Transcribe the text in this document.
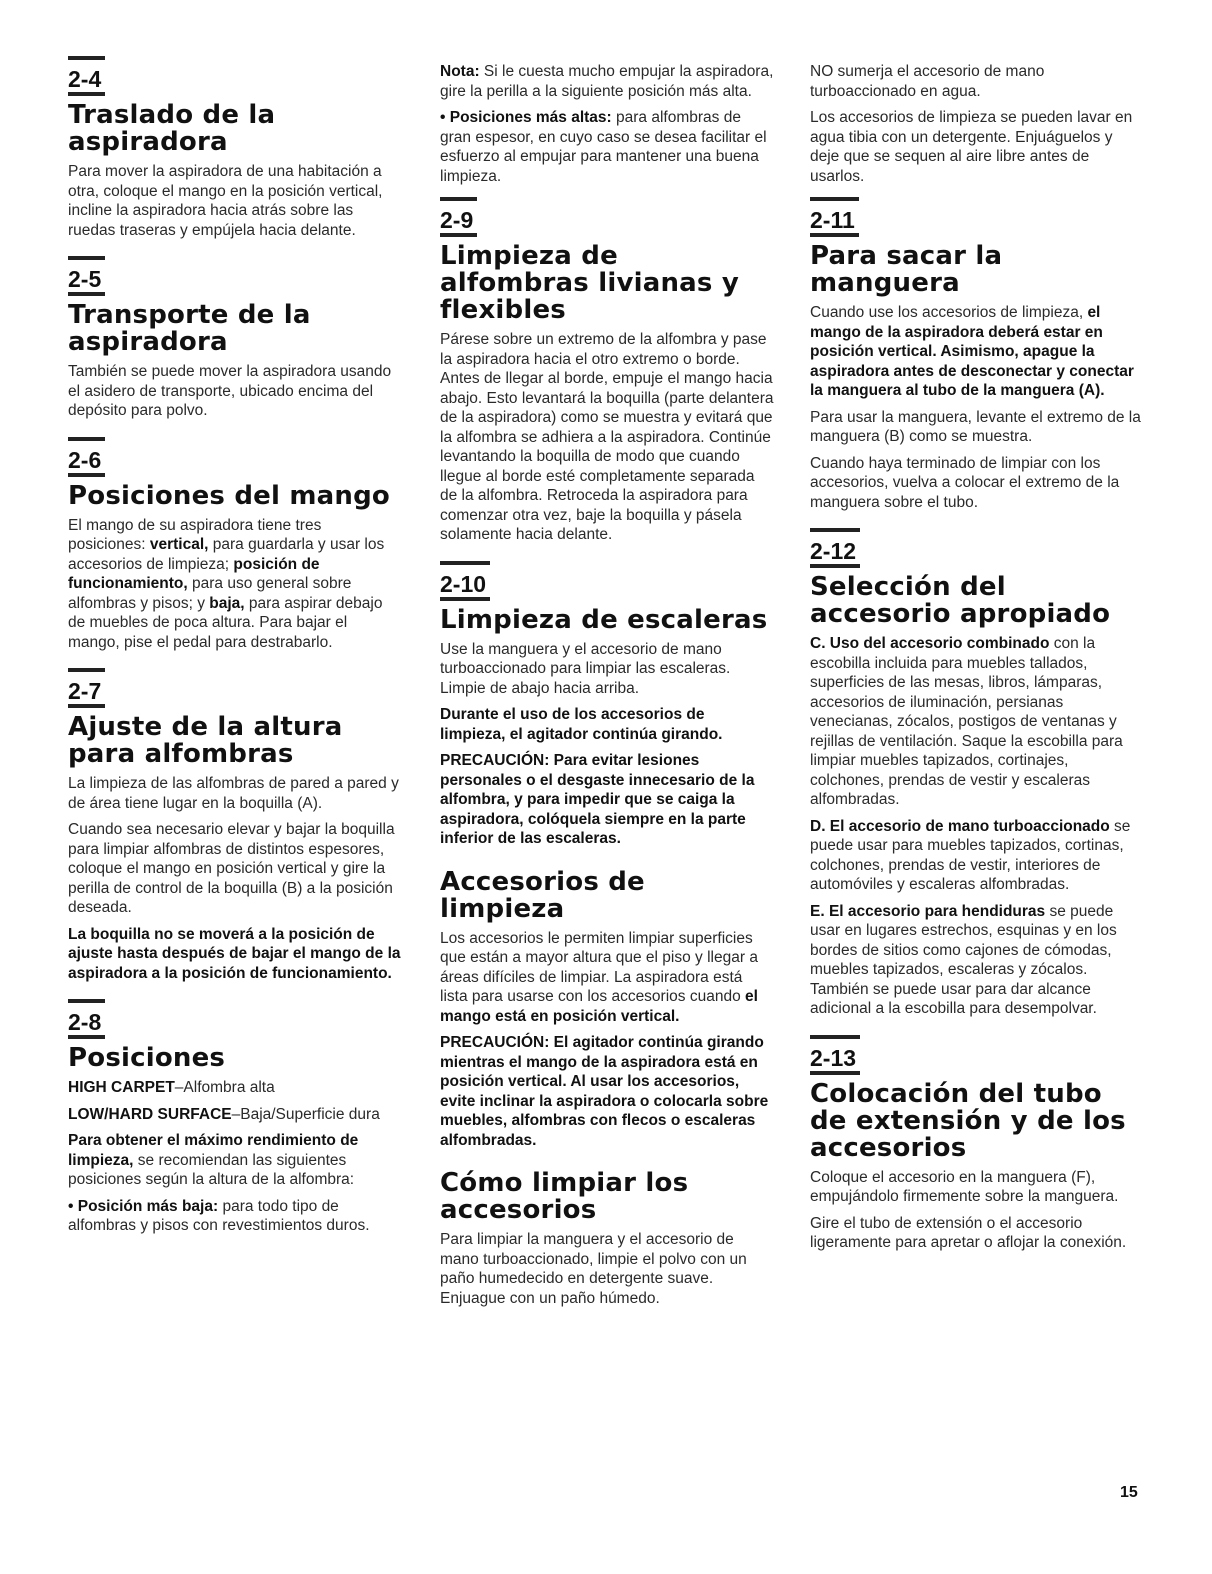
2-4
Traslado de la aspiradora

Para mover la aspiradora de una habitación a otra, coloque el mango en la posición vertical, incline la aspiradora hacia atrás sobre las ruedas traseras y empújela hacia delante.

2-5
Transporte de la aspiradora

También se puede mover la aspiradora usando el asidero de transporte, ubicado encima del depósito para polvo.

2-6
Posiciones del mango

El mango de su aspiradora tiene tres posiciones: vertical, para guardarla y usar los accesorios de limpieza; posición de funcionamiento, para uso general sobre alfombras y pisos; y baja, para aspirar debajo de muebles de poca altura. Para bajar el mango, pise el pedal para destrabarlo.

2-7
Ajuste de la altura para alfombras

La limpieza de las alfombras de pared a pared y de área tiene lugar en la boquilla (A).

Cuando sea necesario elevar y bajar la boquilla para limpiar alfombras de distintos espesores, coloque el mango en posición vertical y gire la perilla de control de la boquilla (B) a la posición deseada.

La boquilla no se moverá a la posición de ajuste hasta después de bajar el mango de la aspiradora a la posición de funcionamiento.

2-8
Posiciones

HIGH CARPET–Alfombra alta

LOW/HARD SURFACE–Baja/Superficie dura

Para obtener el máximo rendimiento de limpieza, se recomiendan las siguientes posiciones según la altura de la alfombra:

• Posición más baja: para todo tipo de alfombras y pisos con revestimientos duros.

Nota: Si le cuesta mucho empujar la aspiradora, gire la perilla a la siguiente posición más alta.

• Posiciones más altas: para alfombras de gran espesor, en cuyo caso se desea facilitar el esfuerzo al empujar para mantener una buena limpieza.

2-9
Limpieza de alfombras livianas y flexibles

Párese sobre un extremo de la alfombra y pase la aspiradora hacia el otro extremo o borde. Antes de llegar al borde, empuje el mango hacia abajo. Esto levantará la boquilla (parte delantera de la aspiradora) como se muestra y evitará que la alfombra se adhiera a la aspiradora. Continúe levantando la boquilla de modo que cuando llegue al borde esté completamente separada de la alfombra. Retroceda la aspiradora para comenzar otra vez, baje la boquilla y pásela solamente hacia delante.

2-10
Limpieza de escaleras

Use la manguera y el accesorio de mano turboaccionado para limpiar las escaleras. Limpie de abajo hacia arriba.

Durante el uso de los accesorios de limpieza, el agitador continúa girando.

PRECAUCIÓN: Para evitar lesiones personales o el desgaste innecesario de la alfombra, y para impedir que se caiga la aspiradora, colóquela siempre en la parte inferior de las escaleras.

Accesorios de limpieza

Los accesorios le permiten limpiar superficies que están a mayor altura que el piso y llegar a áreas difíciles de limpiar. La aspiradora está lista para usarse con los accesorios cuando el mango está en posición vertical.

PRECAUCIÓN: El agitador continúa girando mientras el mango de la aspiradora está en posición vertical. Al usar los accesorios, evite inclinar la aspiradora o colocarla sobre muebles, alfombras con flecos o escaleras alfombradas.

Cómo limpiar los accesorios

Para limpiar la manguera y el accesorio de mano turboaccionado, limpie el polvo con un paño humedecido en detergente suave. Enjuague con un paño húmedo.

NO sumerja el accesorio de mano turboaccionado en agua.

Los accesorios de limpieza se pueden lavar en agua tibia con un detergente. Enjuáguelos y deje que se sequen al aire libre antes de usarlos.

2-11
Para sacar la manguera

Cuando use los accesorios de limpieza, el mango de la aspiradora deberá estar en posición vertical. Asimismo, apague la aspiradora antes de desconectar y conectar la manguera al tubo de la manguera (A).

Para usar la manguera, levante el extremo de la manguera (B) como se muestra.

Cuando haya terminado de limpiar con los accesorios, vuelva a colocar el extremo de la manguera sobre el tubo.

2-12
Selección del accesorio apropiado

C. Uso del accesorio combinado con la escobilla incluida para muebles tallados, superficies de las mesas, libros, lámparas, accesorios de iluminación, persianas venecianas, zócalos, postigos de ventanas y rejillas de ventilación. Saque la escobilla para limpiar muebles tapizados, cortinajes, colchones, prendas de vestir y escaleras alfombradas.

D. El accesorio de mano turboaccionado se puede usar para muebles tapizados, cortinas, colchones, prendas de vestir, interiores de automóviles y escaleras alfombradas.

E. El accesorio para hendiduras se puede usar en lugares estrechos, esquinas y en los bordes de sitios como cajones de cómodas, muebles tapizados, escaleras y zócalos. También se puede usar para dar alcance adicional a la escobilla para desempolvar.

2-13
Colocación del tubo de extensión y de los accesorios

Coloque el accesorio en la manguera (F), empujándolo firmemente sobre la manguera.

Gire el tubo de extensión o el accesorio ligeramente para apretar o aflojar la conexión.

15
